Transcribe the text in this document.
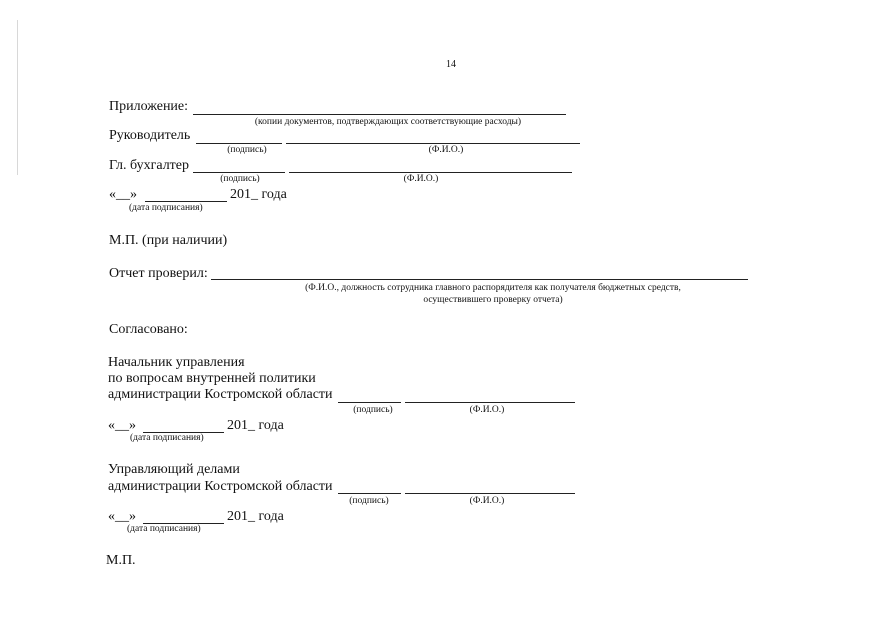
14
Приложение:
(копии документов, подтверждающих соответствующие расходы)
Руководитель
(подпись)	(Ф.И.О.)
Гл. бухгалтер
(подпись)	(Ф.И.О.)
«__»	201_ года
(дата подписания)
М.П. (при наличии)
Отчет проверил:
(Ф.И.О., должность сотрудника главного распорядителя как получателя бюджетных средств,
осуществившего проверку отчета)
Согласовано:
Начальник управления
по вопросам внутренней политики
администрации Костромской области
(подпись)	(Ф.И.О.)
«__»	201_ года
(дата подписания)
Управляющий делами
администрации Костромской области
(подпись)	(Ф.И.О.)
«__»	201_ года
(дата подписания)
М.П.
